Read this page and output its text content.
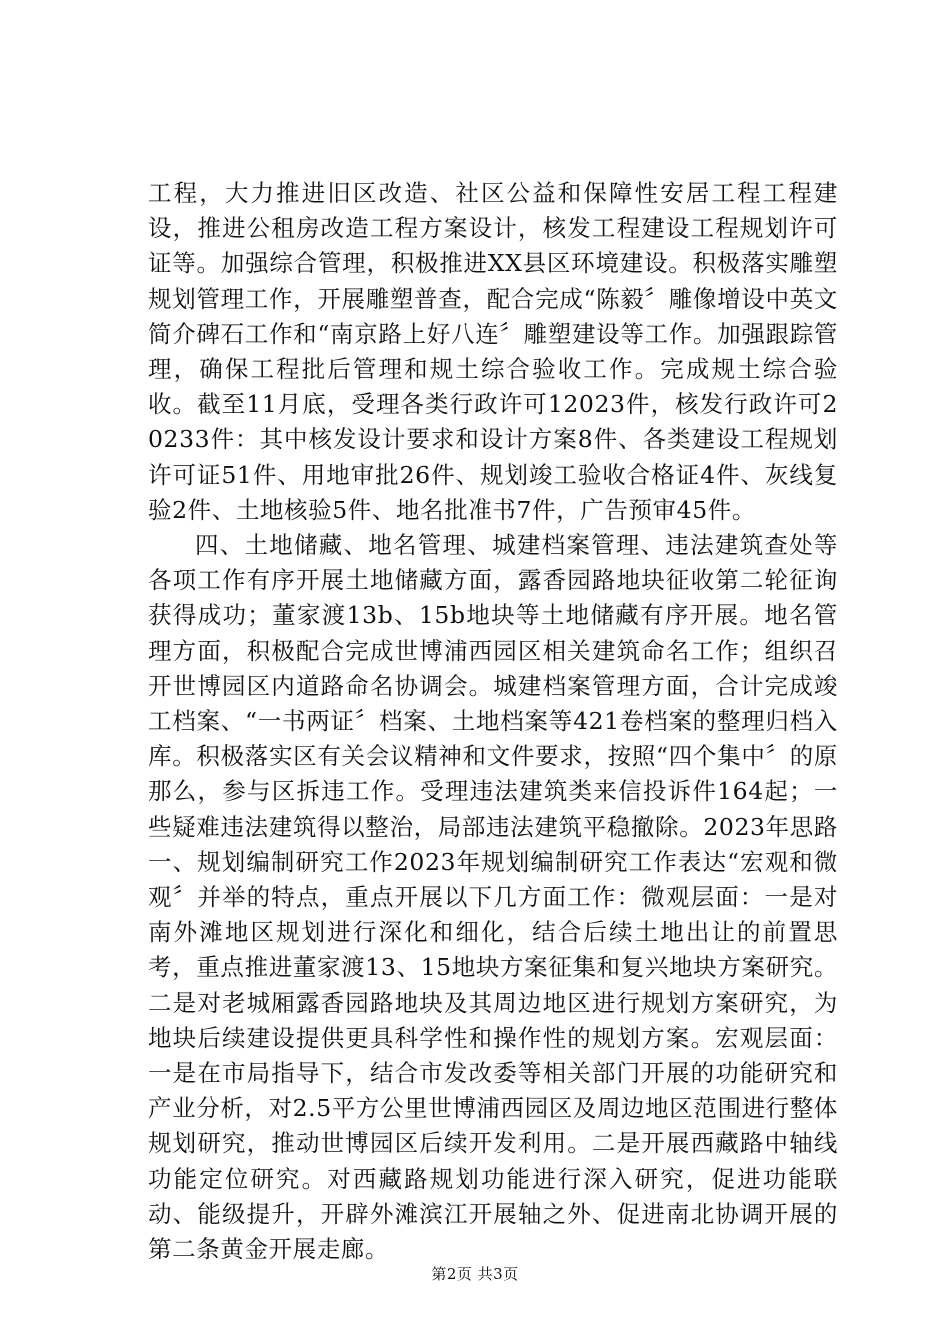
工程，大力推进旧区改造、社区公益和保障性安居工程工程建设，推进公租房改造工程方案设计，核发工程建设工程规划许可证等。加强综合管理，积极推进XX县区环境建设。积极落实雕塑规划管理工作，开展雕塑普查，配合完成“陈毅〞雕像增设中英文简介碑石工作和“南京路上好八连〞雕塑建设等工作。加强跟踪管理，确保工程批后管理和规土综合验收工作。完成规土综合验收。截至11月底，受理各类行政许可12023件，核发行政许可20233件：其中核发设计要求和设计方案8件、各类建设工程规划许可证51件、用地审批26件、规划竣工验收合格证4件、灰线复验2件、土地核验5件、地名批准书7件，广告预审45件。

四、土地储藏、地名管理、城建档案管理、违法建筑查处等各项工作有序开展土地储藏方面，露香园路地块征收第二轮征询获得成功；董家渡13b、15b地块等土地储藏有序开展。地名管理方面，积极配合完成世博浦西园区相关建筑命名工作；组织召开世博园区内道路命名协调会。城建档案管理方面，合计完成竣工档案、“一书两证〞档案、土地档案等421卷档案的整理归档入库。积极落实区有关会议精神和文件要求，按照“四个集中〞的原那么，参与区拆违工作。受理违法建筑类来信投诉件164起；一些疑难违法建筑得以整治，局部违法建筑平稳撤除。2023年思路一、规划编制研究工作2023年规划编制研究工作表达“宏观和微观〞并举的特点，重点开展以下几方面工作：微观层面：一是对南外滩地区规划进行深化和细化，结合后续土地出让的前置思考，重点推进董家渡13、15地块方案征集和复兴地块方案研究。二是对老城厢露香园路地块及其周边地区进行规划方案研究，为地块后续建设提供更具科学性和操作性的规划方案。宏观层面：一是在市局指导下，结合市发改委等相关部门开展的功能研究和产业分析，对2.5平方公里世博浦西园区及周边地区范围进行整体规划研究，推动世博园区后续开发利用。二是开展西藏路中轴线功能定位研究。对西藏路规划功能进行深入研究，促进功能联动、能级提升，开辟外滩滨江开展轴之外、促进南北协调开展的第二条黄金开展走廊。

第2页 共3页
